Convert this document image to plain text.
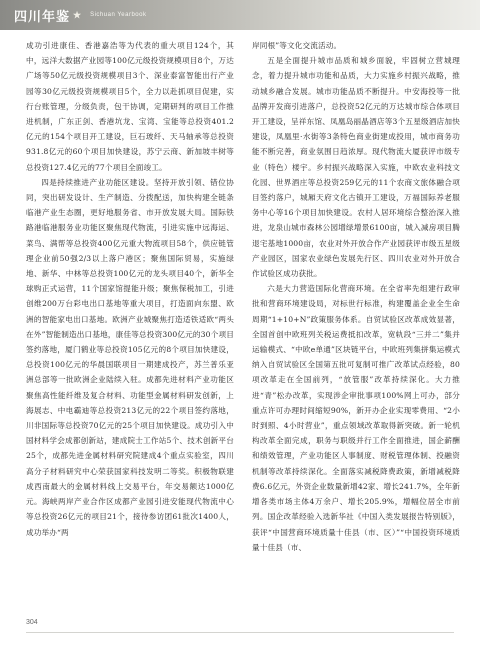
四川年鉴 ★ Sichuan Yearbook

成功引进康佳、香港嘉浩等为代表的重大项目124个，其中，远洋大数据产业园等100亿元级投资规模项目8个，万达广场等50亿元级投资规模项目3个、深业泰富智能出行产业园等30亿元级投资规模项目5个，全力以赴抓项目促建，实行台账管理，分级负责，包干协调，定期研判的项目工作推进机制，广东正剑、香港坑龙、宝湾、宝能等总投资401.2亿元的154个项目开工建设，巨石玻纤、天马轴承等总投资931.8亿元的60个项目加快建设，苏宁云商、新加坡丰树等总投资127.4亿元的77个项目全面竣工。

四是持续推进产业功能区建设。坚持开放引领、错位协同，突出研发设计、生产制造、分拨配送，加快构建全链条临港产业生态圈，更好地服务省、市开放发展大局。国际铁路港临港服务业功能区聚焦现代物流，引进实施中远海运、菜鸟、满帮等总投资400亿元重大物流项目58个，供应链管理企业前50强2/3以上落户港区；聚焦国际贸易，实施绿地、新华、中林等总投资100亿元的龙头项目40个，新华全球购正式运营，11个国家馆提能升级；聚焦保税加工，引进创维200万台彩电出口基地等重大项目，打造面向东盟、欧洲的智能家电出口基地。欧洲产业城聚焦打造适铁适欧“两头在外”智能制造出口基地，康佳等总投资300亿元的30个项目签约落地，厦门鹤业等总投资105亿元的8个项目加快建设，总投资100亿元的华晨国联项目一期建成投产，苏兰普乐亚洲总部等一批欧洲企业陆续入驻。成都先进材料产业功能区聚焦高性能纤维及复合材料、功能型金属材料研发创新，上海展志、中电霸迪等总投资213亿元的22个项目签约落地，川非国际等总投资70亿元的25个项目加快建设。成功引入中国材料学会成都创新站，建成院士工作站5个、技术创新平台25个，成都先进金属材料研究院建成4个重点实验室，四川高分子材料研究中心荣获国家科技发明二等奖。积极物联建成西南最大的金属材料线上交易平台，年交易额达1000亿元。海峡两岸产业合作区成都产业园引进安能现代物流中心等总投资26亿元的项目21个，接待参访团61批次1400人，成功举办“两

岸同根”等文化交流活动。

五是全面提升城市品质和城乡面貌，牢固树立营城理念，着力提升城市功能和品质，大力实施乡村振兴战略，推动城乡融合发展。城市功能品质不断提升。中安海投等一批品牌开发商引进落户，总投资52亿元的万达城市综合体项目开工建设，呈祥东馆、凤凰岛丽晶酒店等3个五星级酒店加快建设，凤凰里·水街等3条特色商业街建成投用，城市商务功能不断完善，商业氛围日趋浓厚。现代物流大厦获评市级专业（特色）楼宇。乡村振兴战略深入实施，中欧农业科技文化园、世界酒庄等总投资259亿元的11个农商文旅体融合项目签约落户，城厢天府文化古镇开工建设，万福国际养老服务中心等16个项目加快建设。农村人居环境综合整治深入推进，龙泉山城市森林公园增绿增景6100亩，城入减房项目腾退宅基地1000亩，农业对外开放合作产业园获评市级五星级产业园区，国家农业绿色发展先行区、四川农业对外开放合作试验区成功获批。

六是大力营造国际化营商环境。在全省率先组建行政审批和营商环境建设局，对标世行标准，构建覆盖企业全生命周期“1+10+N”政策服务体系。自贸试验区改革成效显著，全国首创中欧班列关税运费抵扣改革，宽轨段“三并二”集并运输模式、“中欧e单通”区块链平台，中欧班列集拼集运模式纳入自贸试验区全国第五批可复制可推广改革试点经验，80项改革走在全国前列，“放管服”改革持续深化。大力推进“青”松办改革，实现涉企审批事项100%网上可办，部分重点许可办理时间缩短90%，新开办企业实现零费用、“2小时到照、4小时营业”，重点领域改革取得新突破。新一轮机构改革全面完成，职务与职级并行工作全面推进，国企薪酬和绩效管理，产业功能区人事制度、财税管理体制、投融资机制等改革持续深化。全面落实减税降费政策，新增减税降费6.6亿元，外资企业数量新增42家、增长241.7%，全年新增各类市场主体4万余户、增长205.9%，增幅位居全市前列。国企改革经验入选新华社《中国入类发展报告特别版》，获评“中国营商环境质量十佳县（市、区）”“中国投资环境质量十佳县（市、

304
